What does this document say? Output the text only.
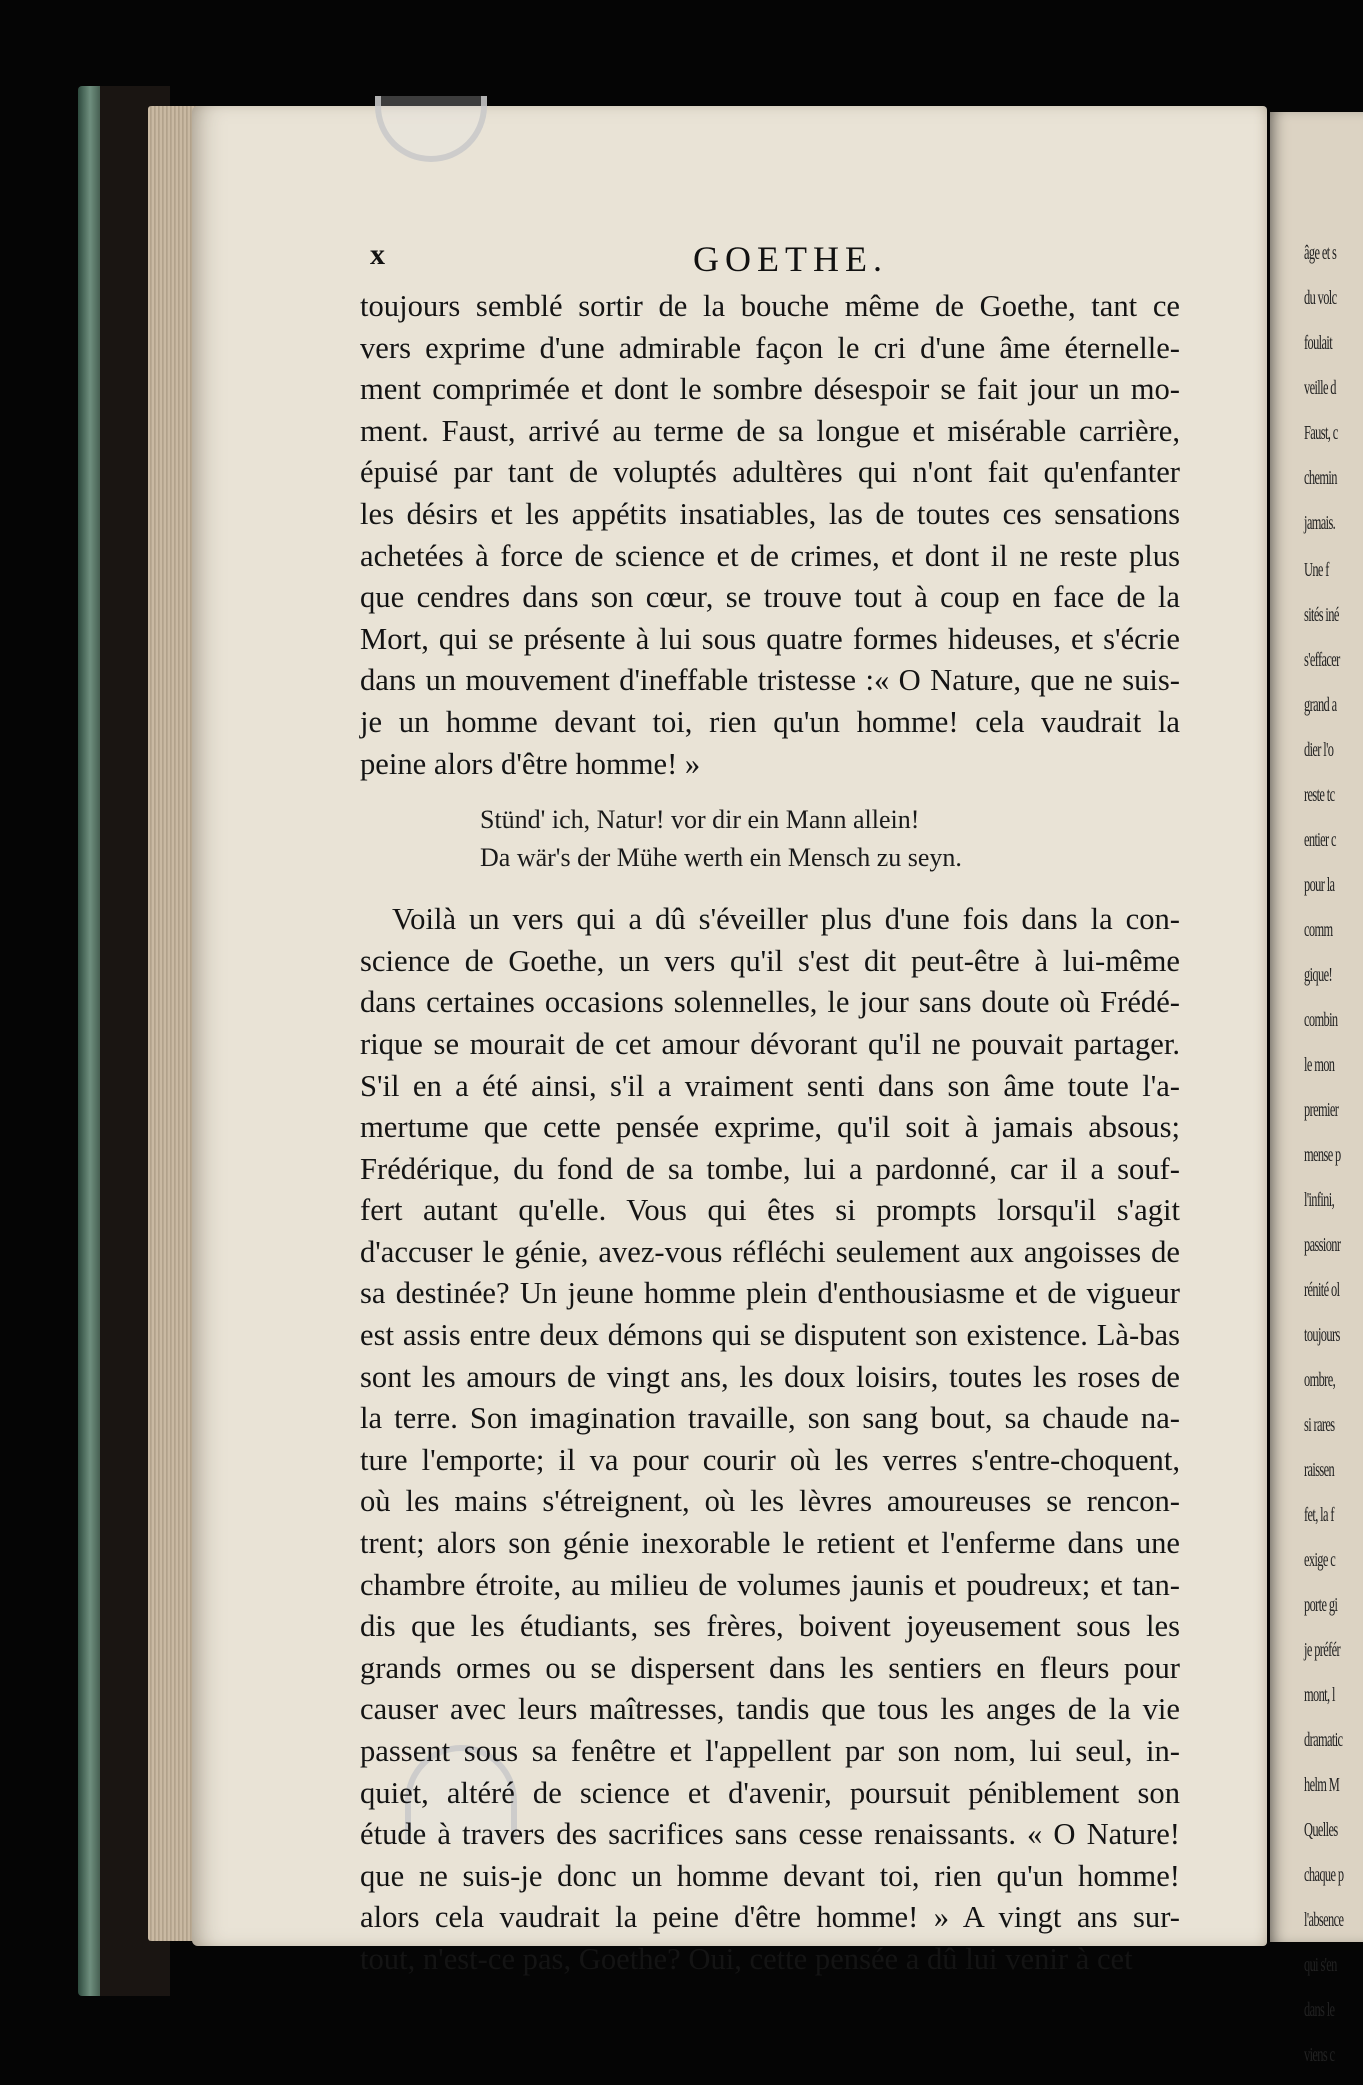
âge et s
du volc
foulait
veille d
Faust, c
chemin
jamais.
Une f
sités iné
s'effacer
grand a
dier l'o
reste tc
entier c
pour la
comm
gique!
combin
le mon
premier
mense p
l'infini,
passionr
rénité ol
toujours
ombre,
si rares
raissen
fet, la f
exige c
porte gi
je préfér
mont, l
dramatic
helm M
Quelles
chaque p
l'absence
qui s'en
dans le
viens c
x	GOETHE.
toujours semblé sortir de la bouche même de Goethe, tant ce
vers exprime d'une admirable façon le cri d'une âme éternelle-
ment comprimée et dont le sombre désespoir se fait jour un mo-
ment. Faust, arrivé au terme de sa longue et misérable carrière,
épuisé par tant de voluptés adultères qui n'ont fait qu'enfanter
les désirs et les appétits insatiables, las de toutes ces sensations
achetées à force de science et de crimes, et dont il ne reste plus
que cendres dans son cœur, se trouve tout à coup en face de la
Mort, qui se présente à lui sous quatre formes hideuses, et s'écrie
dans un mouvement d'ineffable tristesse :« O Nature, que ne suis-
je un homme devant toi, rien qu'un homme! cela vaudrait la
peine alors d'être homme! »
Stünd' ich, Natur! vor dir ein Mann allein!
Da wär's der Mühe werth ein Mensch zu seyn.
Voilà un vers qui a dû s'éveiller plus d'une fois dans la con-
science de Goethe, un vers qu'il s'est dit peut-être à lui-même
dans certaines occasions solennelles, le jour sans doute où Frédé-
rique se mourait de cet amour dévorant qu'il ne pouvait partager.
S'il en a été ainsi, s'il a vraiment senti dans son âme toute l'a-
mertume que cette pensée exprime, qu'il soit à jamais absous;
Frédérique, du fond de sa tombe, lui a pardonné, car il a souf-
fert autant qu'elle. Vous qui êtes si prompts lorsqu'il s'agit
d'accuser le génie, avez-vous réfléchi seulement aux angoisses de
sa destinée? Un jeune homme plein d'enthousiasme et de vigueur
est assis entre deux démons qui se disputent son existence. Là-bas
sont les amours de vingt ans, les doux loisirs, toutes les roses de
la terre. Son imagination travaille, son sang bout, sa chaude na-
ture l'emporte; il va pour courir où les verres s'entre-choquent,
où les mains s'étreignent, où les lèvres amoureuses se rencon-
trent; alors son génie inexorable le retient et l'enferme dans une
chambre étroite, au milieu de volumes jaunis et poudreux; et tan-
dis que les étudiants, ses frères, boivent joyeusement sous les
grands ormes ou se dispersent dans les sentiers en fleurs pour
causer avec leurs maîtresses, tandis que tous les anges de la vie
passent sous sa fenêtre et l'appellent par son nom, lui seul, in-
quiet, altéré de science et d'avenir, poursuit péniblement son
étude à travers des sacrifices sans cesse renaissants. « O Nature!
que ne suis-je donc un homme devant toi, rien qu'un homme!
alors cela vaudrait la peine d'être homme! » A vingt ans sur-
tout, n'est-ce pas, Goethe? Oui, cette pensée a dû lui venir à cet
